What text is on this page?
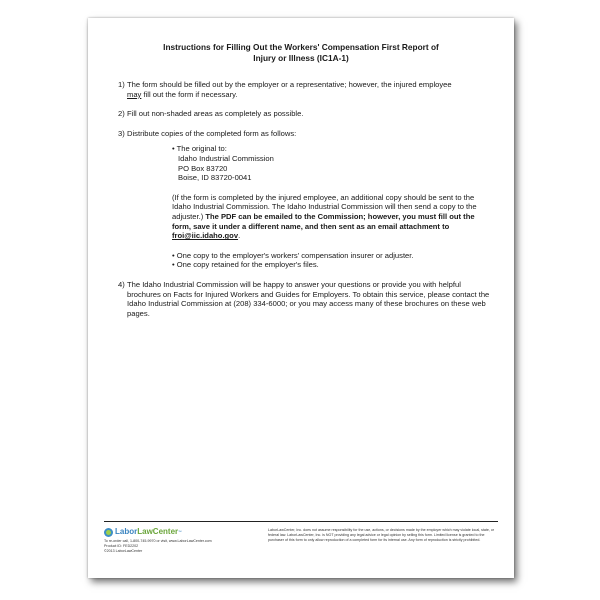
Instructions for Filling Out the Workers' Compensation First Report of
Injury or Illness (IC1A-1)
1) The form should be filled out by the employer or a representative; however, the injured employee
may fill out the form if necessary.
2) Fill out non-shaded areas as completely as possible.
3) Distribute copies of the completed form as follows:
• The original to:
Idaho Industrial Commission
PO Box 83720
Boise, ID 83720-0041
(If the form is completed by the injured employee, an additional copy should be sent to the Idaho Industrial Commission. The Idaho Industrial Commission will then send a copy to the adjuster.) The PDF can be emailed to the Commission; however, you must fill out the form, save it under a different name, and then sent as an email attachment to froi@iic.idaho.gov.
• One copy to the employer's workers' compensation insurer or adjuster.
• One copy retained for the employer's files.
4) The Idaho Industrial Commission will be happy to answer your questions or provide you with helpful brochures on Facts for Injured Workers and Guides for Employers. To obtain this service, please contact the Idaho Industrial Commission at (208) 334-6000; or you may access many of these brochures on these web pages.
Labor LawCenter ™
To re-order call, 1-800-745-9970 or visit, www.LaborLawCenter.com
Product ID: FED2202
©2013 LaborLawCenter
LaborLawCenter, Inc. does not assume responsibility for the use, actions, or decisions made by the employer which may violate local, state, or federal law. LaborLawCenter, Inc. is NOT providing any legal advice or legal opinion by selling this form. Limited license is granted to the purchaser of this form to only allow reproduction of a completed form for its internal use. Any form of reproduction is strictly prohibited.
